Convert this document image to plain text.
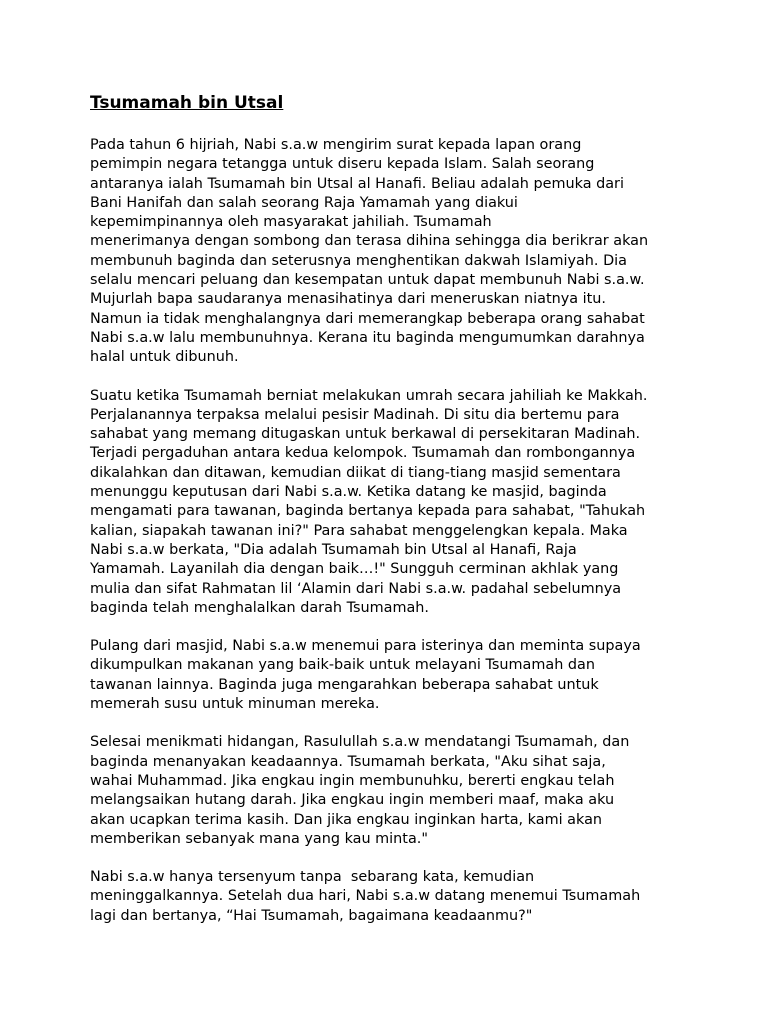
Tsumamah bin Utsal
Pada tahun 6 hijriah, Nabi s.a.w mengirim surat kepada lapan orang
pemimpin negara tetangga untuk diseru kepada Islam. Salah seorang
antaranya ialah Tsumamah bin Utsal al Hanafi. Beliau adalah pemuka dari
Bani Hanifah dan salah seorang Raja Yamamah yang diakui
kepemimpinannya oleh masyarakat jahiliah. Tsumamah
menerimanya dengan sombong dan terasa dihina sehingga dia berikrar akan
membunuh baginda dan seterusnya menghentikan dakwah Islamiyah. Dia
selalu mencari peluang dan kesempatan untuk dapat membunuh Nabi s.a.w.
Mujurlah bapa saudaranya menasihatinya dari meneruskan niatnya itu.
Namun ia tidak menghalangnya dari memerangkap beberapa orang sahabat
Nabi s.a.w lalu membunuhnya. Kerana itu baginda mengumumkan darahnya
halal untuk dibunuh.
Suatu ketika Tsumamah berniat melakukan umrah secara jahiliah ke Makkah.
Perjalanannya terpaksa melalui pesisir Madinah. Di situ dia bertemu para
sahabat yang memang ditugaskan untuk berkawal di persekitaran Madinah.
Terjadi pergaduhan antara kedua kelompok. Tsumamah dan rombongannya
dikalahkan dan ditawan, kemudian diikat di tiang-tiang masjid sementara
menunggu keputusan dari Nabi s.a.w. Ketika datang ke masjid, baginda
mengamati para tawanan, baginda bertanya kepada para sahabat, "Tahukah
kalian, siapakah tawanan ini?" Para sahabat menggelengkan kepala. Maka
Nabi s.a.w berkata, "Dia adalah Tsumamah bin Utsal al Hanafi, Raja
Yamamah. Layanilah dia dengan baik…!" Sungguh cerminan akhlak yang
mulia dan sifat Rahmatan lil ‘Alamin dari Nabi s.a.w. padahal sebelumnya
baginda telah menghalalkan darah Tsumamah.
Pulang dari masjid, Nabi s.a.w menemui para isterinya dan meminta supaya
dikumpulkan makanan yang baik-baik untuk melayani Tsumamah dan
tawanan lainnya. Baginda juga mengarahkan beberapa sahabat untuk
memerah susu untuk minuman mereka.
Selesai menikmati hidangan, Rasulullah s.a.w mendatangi Tsumamah, dan
baginda menanyakan keadaannya. Tsumamah berkata, "Aku sihat saja,
wahai Muhammad. Jika engkau ingin membunuhku, bererti engkau telah
melangsaikan hutang darah. Jika engkau ingin memberi maaf, maka aku
akan ucapkan terima kasih. Dan jika engkau inginkan harta, kami akan
memberikan sebanyak mana yang kau minta."
Nabi s.a.w hanya tersenyum tanpa  sebarang kata, kemudian
meninggalkannya. Setelah dua hari, Nabi s.a.w datang menemui Tsumamah
lagi dan bertanya, “Hai Tsumamah, bagaimana keadaanmu?"
